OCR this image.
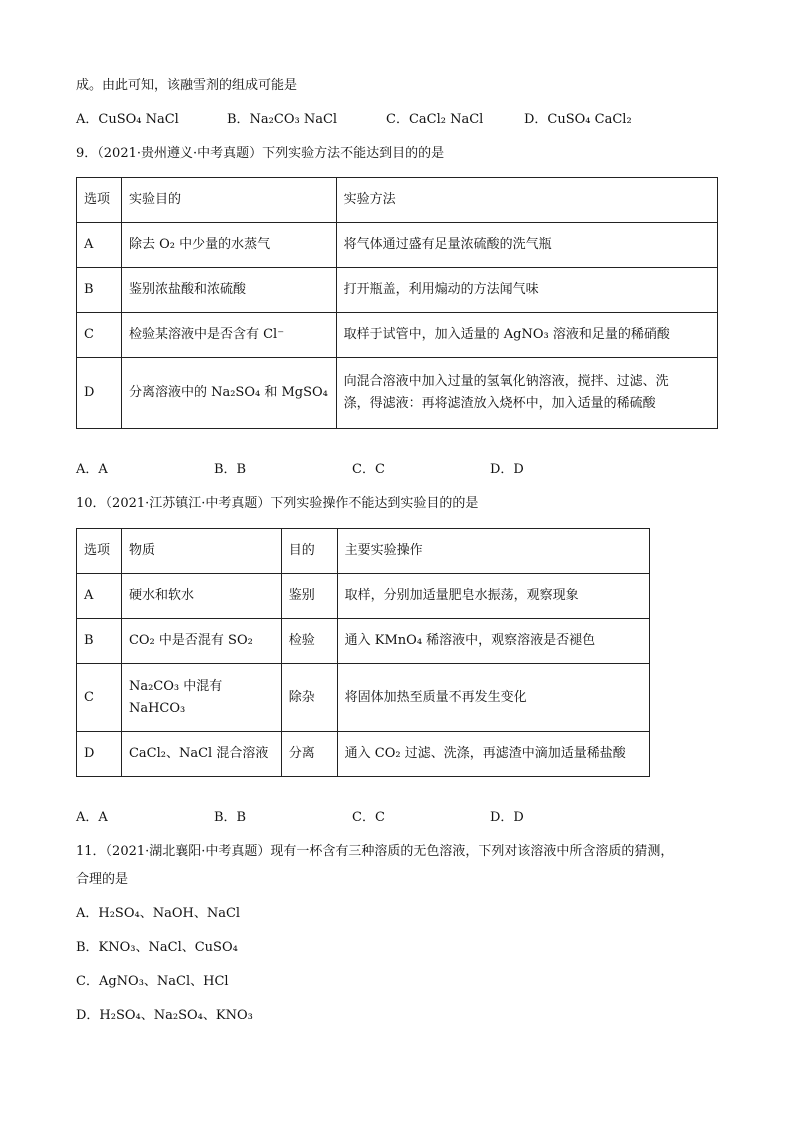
成。由此可知，该融雪剂的组成可能是
A．CuSO₄ NaCl	B．Na₂CO₃ NaCl	C．CaCl₂ NaCl	D．CuSO₄ CaCl₂
9．（2021·贵州遵义·中考真题）下列实验方法不能达到目的的是
选项	实验目的	实验方法
A	除去 O₂ 中少量的水蒸气	将气体通过盛有足量浓硫酸的洗气瓶
B	鉴别浓盐酸和浓硫酸	打开瓶盖，利用煽动的方法闻气味
C	检验某溶液中是否含有 Cl⁻	取样于试管中，加入适量的 AgNO₃ 溶液和足量的稀硝酸
D	分离溶液中的 Na₂SO₄ 和 MgSO₄	向混合溶液中加入过量的氢氧化钠溶液，搅拌、过滤、洗
涤，得滤液：再将滤渣放入烧杯中，加入适量的稀硫酸
A．A	B．B	C．C	D．D
10．（2021·江苏镇江·中考真题）下列实验操作不能达到实验目的的是
选项	物质	目的	主要实验操作
A	硬水和软水	鉴别	取样，分别加适量肥皂水振荡，观察现象
B	CO₂ 中是否混有 SO₂	检验	通入 KMnO₄ 稀溶液中，观察溶液是否褪色
C	Na₂CO₃ 中混有
NaHCO₃	除杂	将固体加热至质量不再发生变化
D	CaCl₂、NaCl 混合溶液	分离	通入 CO₂ 过滤、洗涤，再滤渣中滴加适量稀盐酸
A．A	B．B	C．C	D．D
11．（2021·湖北襄阳·中考真题）现有一杯含有三种溶质的无色溶液，下列对该溶液中所含溶质的猜测，
合理的是
A．H₂SO₄、NaOH、NaCl
B．KNO₃、NaCl、CuSO₄
C．AgNO₃、NaCl、HCl
D．H₂SO₄、Na₂SO₄、KNO₃
